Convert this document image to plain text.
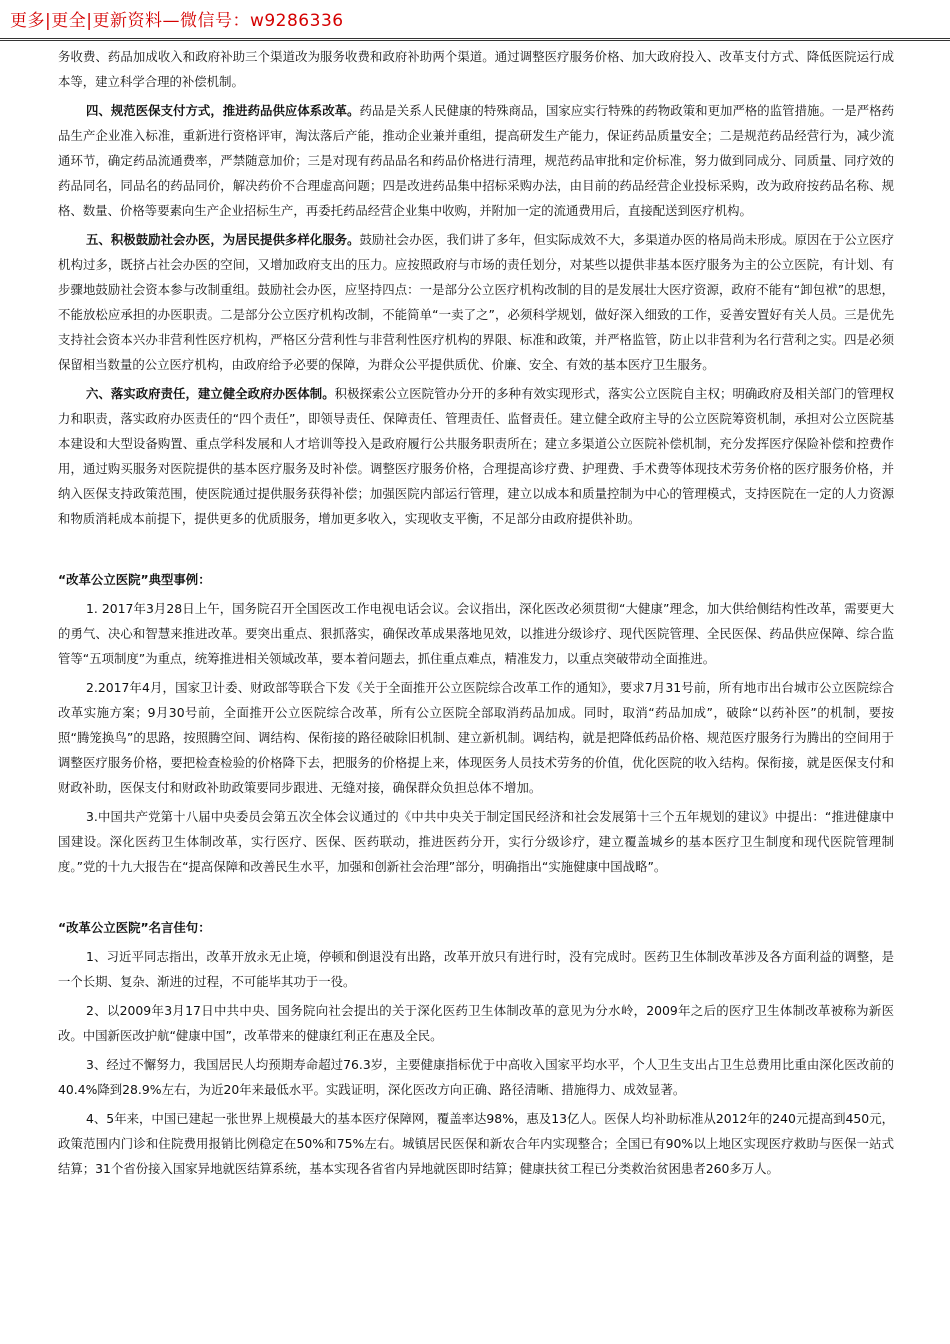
更多|更全|更新资料—微信号：w9286336

务收费、药品加成收入和政府补助三个渠道改为服务收费和政府补助两个渠道。通过调整医疗服务价格、加大政府投入、改革支付方式、降低医院运行成本等，建立科学合理的补偿机制。

四、规范医保支付方式，推进药品供应体系改革。药品是关系人民健康的特殊商品，国家应实行特殊的药物政策和更加严格的监管措施。一是严格药品生产企业准入标准，重新进行资格评审，淘汰落后产能，推动企业兼并重组，提高研发生产能力，保证药品质量安全；二是规范药品经营行为，减少流通环节，确定药品流通费率，严禁随意加价；三是对现有药品品名和药品价格进行清理，规范药品审批和定价标准，努力做到同成分、同质量、同疗效的药品同名，同品名的药品同价，解决药价不合理虚高问题；四是改进药品集中招标采购办法，由目前的药品经营企业投标采购，改为政府按药品名称、规格、数量、价格等要素向生产企业招标生产，再委托药品经营企业集中收购，并附加一定的流通费用后，直接配送到医疗机构。

五、积极鼓励社会办医，为居民提供多样化服务。鼓励社会办医，我们讲了多年，但实际成效不大，多渠道办医的格局尚未形成。原因在于公立医疗机构过多，既挤占社会办医的空间，又增加政府支出的压力。应按照政府与市场的责任划分，对某些以提供非基本医疗服务为主的公立医院，有计划、有步骤地鼓励社会资本参与改制重组。鼓励社会办医，应坚持四点：一是部分公立医疗机构改制的目的是发展壮大医疗资源，政府不能有“卸包袱”的思想，不能放松应承担的办医职责。二是部分公立医疗机构改制，不能简单“一卖了之”，必须科学规划，做好深入细致的工作，妥善安置好有关人员。三是优先支持社会资本兴办非营利性医疗机构，严格区分营利性与非营利性医疗机构的界限、标准和政策，并严格监管，防止以非营利为名行营利之实。四是必须保留相当数量的公立医疗机构，由政府给予必要的保障，为群众公平提供质优、价廉、安全、有效的基本医疗卫生服务。

六、落实政府责任，建立健全政府办医体制。积极探索公立医院管办分开的多种有效实现形式，落实公立医院自主权；明确政府及相关部门的管理权力和职责，落实政府办医责任的“四个责任”，即领导责任、保障责任、管理责任、监督责任。建立健全政府主导的公立医院筹资机制，承担对公立医院基本建设和大型设备购置、重点学科发展和人才培训等投入是政府履行公共服务职责所在；建立多渠道公立医院补偿机制，充分发挥医疗保险补偿和控费作用，通过购买服务对医院提供的基本医疗服务及时补偿。调整医疗服务价格，合理提高诊疗费、护理费、手术费等体现技术劳务价格的医疗服务价格，并纳入医保支持政策范围，使医院通过提供服务获得补偿；加强医院内部运行管理，建立以成本和质量控制为中心的管理模式，支持医院在一定的人力资源和物质消耗成本前提下，提供更多的优质服务，增加更多收入，实现收支平衡，不足部分由政府提供补助。

“改革公立医院”典型事例：

1. 2017年3月28日上午，国务院召开全国医改工作电视电话会议。会议指出，深化医改必须贯彻“大健康”理念，加大供给侧结构性改革，需要更大的勇气、决心和智慧来推进改革。要突出重点、狠抓落实，确保改革成果落地见效，以推进分级诊疗、现代医院管理、全民医保、药品供应保障、综合监管等“五项制度”为重点，统筹推进相关领域改革，要本着问题去，抓住重点难点，精准发力，以重点突破带动全面推进。

2.2017年4月，国家卫计委、财政部等联合下发《关于全面推开公立医院综合改革工作的通知》，要求7月31号前，所有地市出台城市公立医院综合改革实施方案；9月30号前，全面推开公立医院综合改革，所有公立医院全部取消药品加成。同时，取消“药品加成”，破除“以药补医”的机制，要按照“腾笼换鸟”的思路，按照腾空间、调结构、保衔接的路径破除旧机制、建立新机制。调结构，就是把降低药品价格、规范医疗服务行为腾出的空间用于调整医疗服务价格，要把检查检验的价格降下去，把服务的价格提上来，体现医务人员技术劳务的价值，优化医院的收入结构。保衔接，就是医保支付和财政补助，医保支付和财政补助政策要同步跟进、无缝对接，确保群众负担总体不增加。

3.中国共产党第十八届中央委员会第五次全体会议通过的《中共中央关于制定国民经济和社会发展第十三个五年规划的建议》中提出：“推进健康中国建设。深化医药卫生体制改革，实行医疗、医保、医药联动，推进医药分开，实行分级诊疗，建立覆盖城乡的基本医疗卫生制度和现代医院管理制度。”党的十九大报告在“提高保障和改善民生水平，加强和创新社会治理”部分，明确指出“实施健康中国战略”。

“改革公立医院”名言佳句：

1、习近平同志指出，改革开放永无止境，停顿和倒退没有出路，改革开放只有进行时，没有完成时。医药卫生体制改革涉及各方面利益的调整，是一个长期、复杂、渐进的过程，不可能毕其功于一役。

2、以2009年3月17日中共中央、国务院向社会提出的关于深化医药卫生体制改革的意见为分水岭，2009年之后的医疗卫生体制改革被称为新医改。中国新医改护航“健康中国”，改革带来的健康红利正在惠及全民。

3、经过不懈努力，我国居民人均预期寿命超过76.3岁，主要健康指标优于中高收入国家平均水平，个人卫生支出占卫生总费用比重由深化医改前的40.4%降到28.9%左右，为近20年来最低水平。实践证明，深化医改方向正确、路径清晰、措施得力、成效显著。

4、5年来，中国已建起一张世界上规模最大的基本医疗保障网，覆盖率达98%，惠及13亿人。医保人均补助标准从2012年的240元提高到450元，政策范围内门诊和住院费用报销比例稳定在50%和75%左右。城镇居民医保和新农合年内实现整合；全国已有90%以上地区实现医疗救助与医保一站式结算；31个省份接入国家异地就医结算系统，基本实现各省省内异地就医即时结算；健康扶贫工程已分类救治贫困患者260多万人。
